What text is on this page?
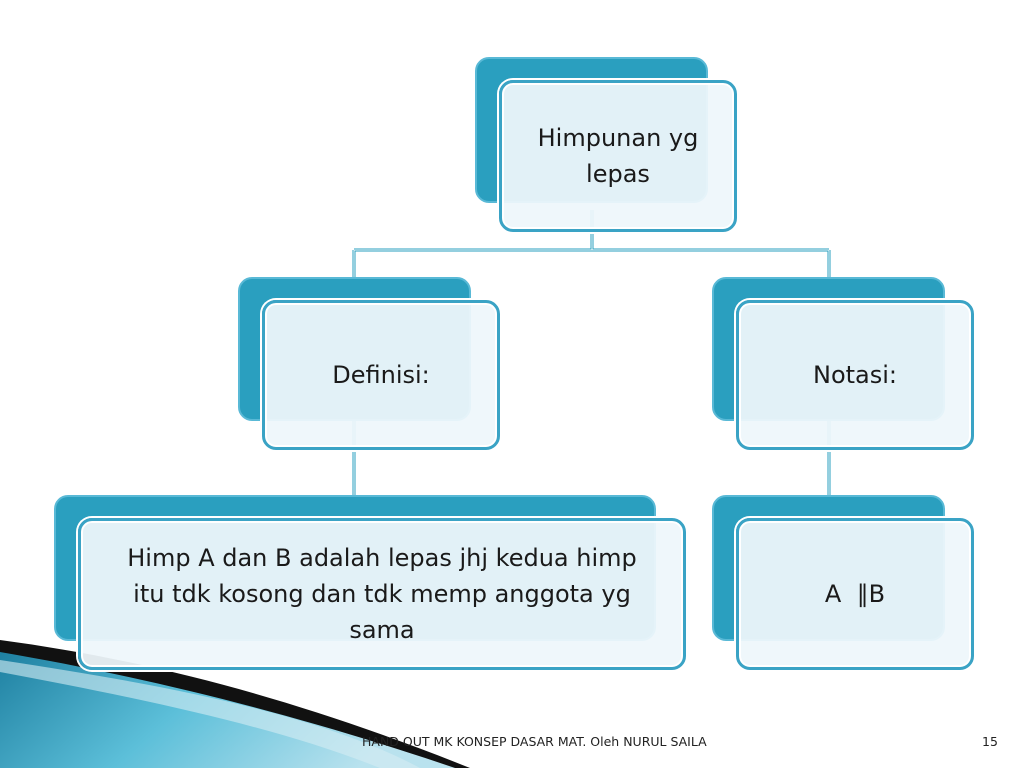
Himpunan yg
lepas
Definisi:	Notasi:
Himp A dan B adalah lepas jhj kedua himp itu tdk kosong dan tdk memp anggota yg sama
A  ∥B
HAND OUT MK KONSEP DASAR MAT. Oleh NURUL SAILA	15
